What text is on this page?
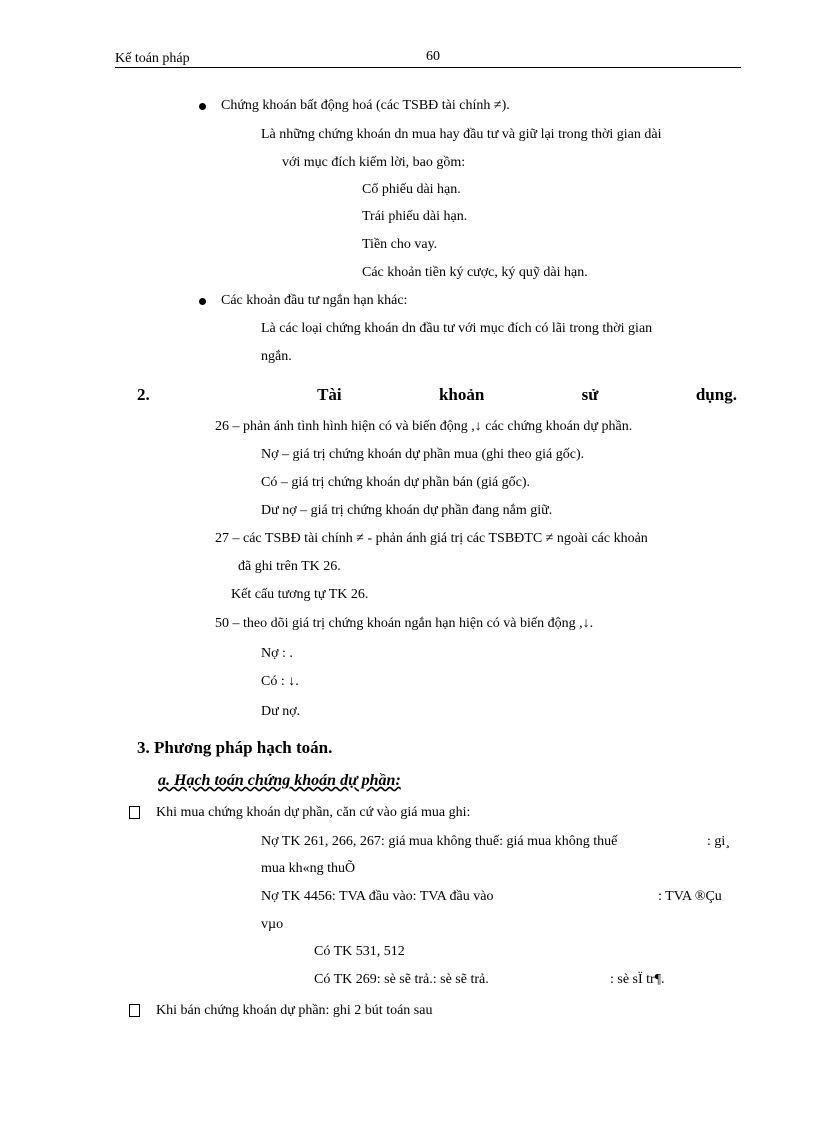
Kế toán pháp	60
Chứng khoán bất động hoá (các TSBĐ tài chính ≠).
Là những chứng khoán dn mua hay đầu tư và giữ lại trong thời gian dài
với mục đích kiếm lời, bao gồm:
Cổ phiếu dài hạn.
Trái phiếu dài hạn.
Tiền cho vay.
Các khoản tiền ký cược, ký quỹ dài hạn.
Các khoản đầu tư ngắn hạn khác:
Là các loại chứng khoán dn đầu tư với mục đích có lãi trong thời gian
ngắn.
2.	Tài	khoản	sử	dụng.
26 – phản ánh tình hình hiện có và biến động ,↓ các chứng khoán dự phần.
Nợ – giá trị chứng khoán dự phần mua (ghi theo giá gốc).
Có – giá trị chứng khoán dự phần bán (giá gốc).
Dư nợ – giá trị chứng khoán dự phần đang nắm giữ.
27 – các TSBĐ tài chính ≠ - phản ánh giá trị các TSBĐTC ≠ ngoài các khoản
đã ghi trên TK 26.
Kết cấu tương tự TK 26.
50 – theo dõi giá trị chứng khoán ngắn hạn hiện có và biến động ,↓.
Nợ : .
Có : ↓.
Dư nợ.
3. Phương pháp hạch toán.
a. Hạch toán chứng khoán dự phần:
Khi mua chứng khoán dự phần, căn cứ vào giá mua ghi:
Nợ TK 261, 266, 267: giá mua không thuế: giá mua không thuế	: gi¸
mua kh«ng thuÕ
Nợ TK 4456: TVA đầu vào: TVA đầu vào	: TVA ®Çu
vµo
Có TK 531, 512
Có TK 269: sè sẽ trả.: sè sẽ trả.	: sè sÏ tr¶.
Khi bán chứng khoán dự phần: ghi 2 bút toán sau
